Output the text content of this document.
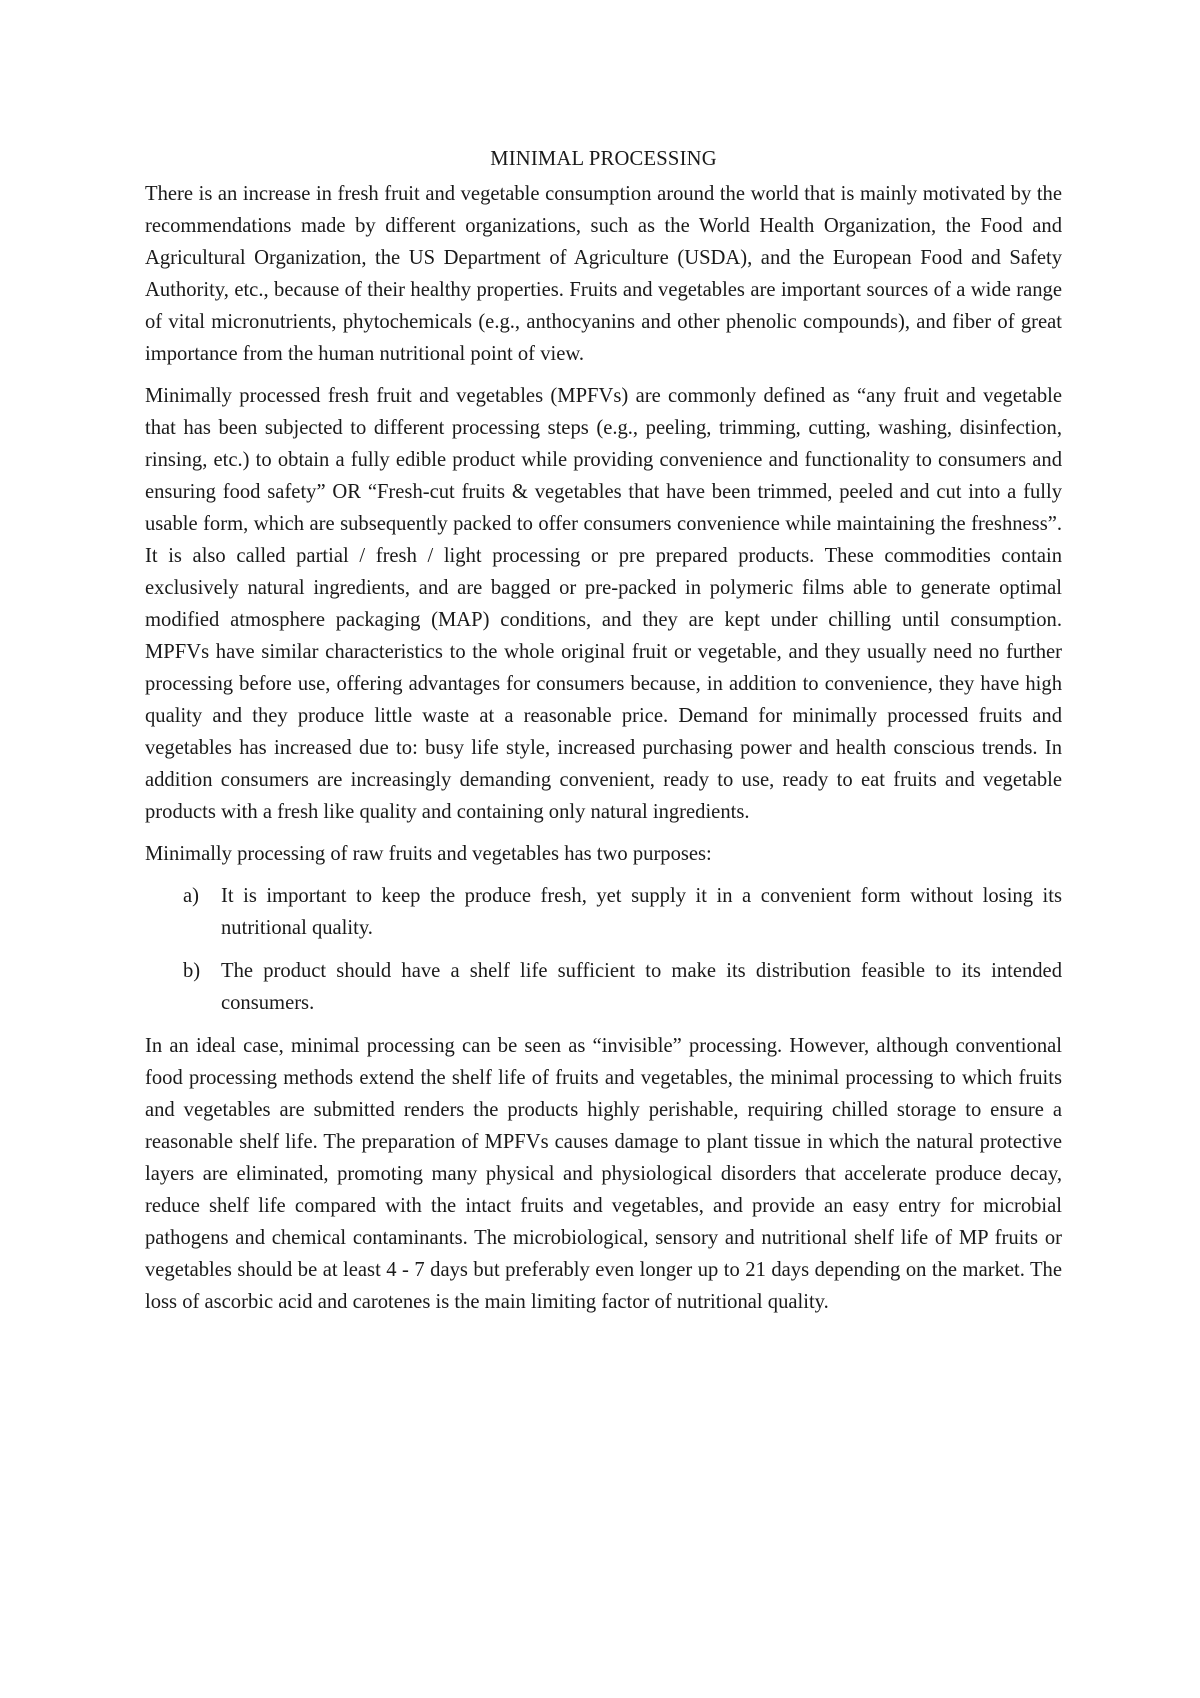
MINIMAL PROCESSING

There is an increase in fresh fruit and vegetable consumption around the world that is mainly motivated by the recommendations made by different organizations, such as the World Health Organization, the Food and Agricultural Organization, the US Department of Agriculture (USDA), and the European Food and Safety Authority, etc., because of their healthy properties. Fruits and vegetables are important sources of a wide range of vital micronutrients, phytochemicals (e.g., anthocyanins and other phenolic compounds), and fiber of great importance from the human nutritional point of view.

Minimally processed fresh fruit and vegetables (MPFVs) are commonly defined as “any fruit and vegetable that has been subjected to different processing steps (e.g., peeling, trimming, cutting, washing, disinfection, rinsing, etc.) to obtain a fully edible product while providing convenience and functionality to consumers and ensuring food safety” OR “Fresh-cut fruits & vegetables that have been trimmed, peeled and cut into a fully usable form, which are subsequently packed to offer consumers convenience while maintaining the freshness”. It is also called partial / fresh / light processing or pre prepared products. These commodities contain exclusively natural ingredients, and are bagged or pre-packed in polymeric films able to generate optimal modified atmosphere packaging (MAP) conditions, and they are kept under chilling until consumption. MPFVs have similar characteristics to the whole original fruit or vegetable, and they usually need no further processing before use, offering advantages for consumers because, in addition to convenience, they have high quality and they produce little waste at a reasonable price. Demand for minimally processed fruits and vegetables has increased due to: busy life style, increased purchasing power and health conscious trends. In addition consumers are increasingly demanding convenient, ready to use, ready to eat fruits and vegetable products with a fresh like quality and containing only natural ingredients.

Minimally processing of raw fruits and vegetables has two purposes:

a)	It is important to keep the produce fresh, yet supply it in a convenient form without losing its nutritional quality.
b)	The product should have a shelf life sufficient to make its distribution feasible to its intended consumers.

In an ideal case, minimal processing can be seen as “invisible” processing. However, although conventional food processing methods extend the shelf life of fruits and vegetables, the minimal processing to which fruits and vegetables are submitted renders the products highly perishable, requiring chilled storage to ensure a reasonable shelf life. The preparation of MPFVs causes damage to plant tissue in which the natural protective layers are eliminated, promoting many physical and physiological disorders that accelerate produce decay, reduce shelf life compared with the intact fruits and vegetables, and provide an easy entry for microbial pathogens and chemical contaminants. The microbiological, sensory and nutritional shelf life of MP fruits or vegetables should be at least 4 - 7 days but preferably even longer up to 21 days depending on the market. The loss of ascorbic acid and carotenes is the main limiting factor of nutritional quality.
